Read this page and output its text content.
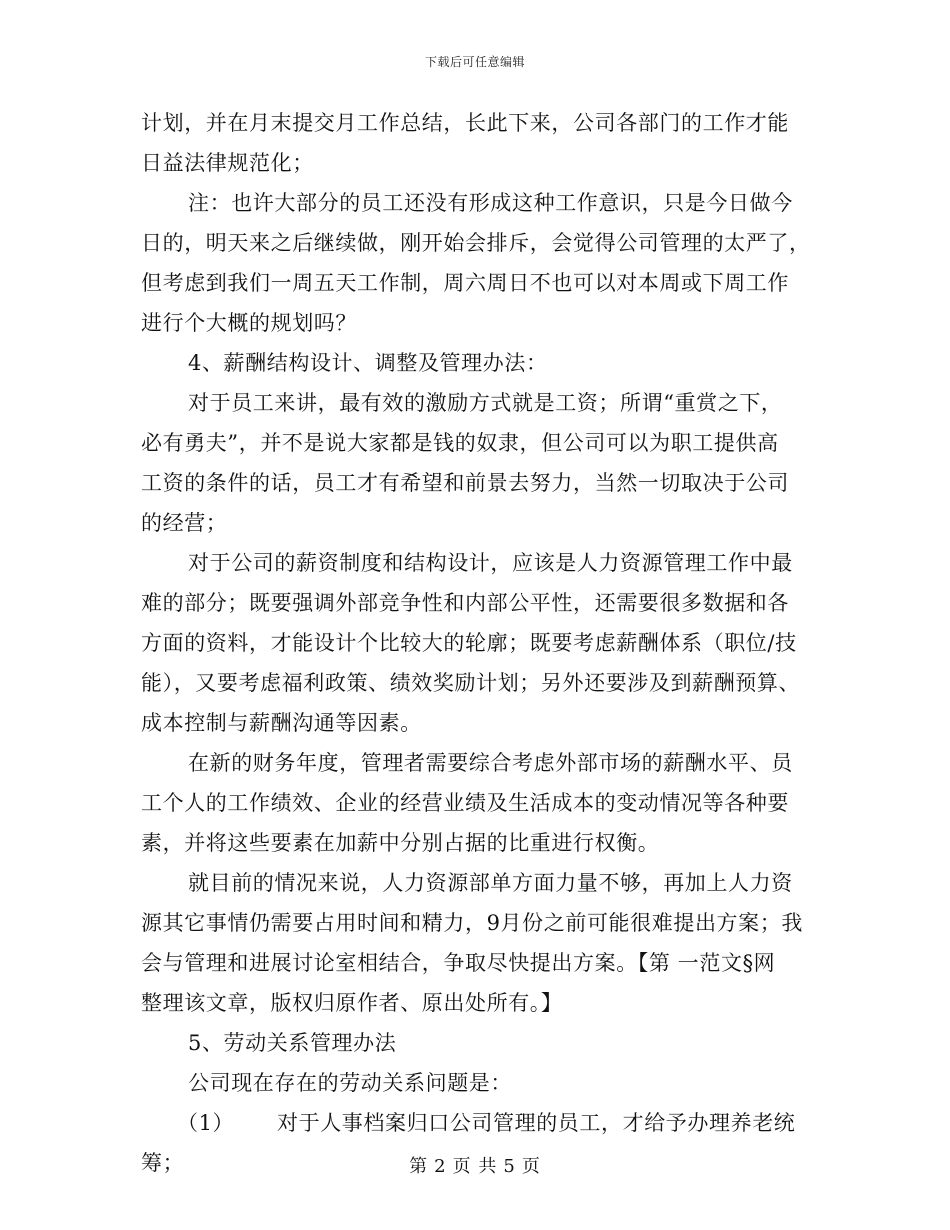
下载后可任意编辑
计划，并在月末提交月工作总结，长此下来，公司各部门的工作才能
日益法律规范化；
注：也许大部分的员工还没有形成这种工作意识，只是今日做今
日的，明天来之后继续做，刚开始会排斥，会觉得公司管理的太严了，
但考虑到我们一周五天工作制，周六周日不也可以对本周或下周工作
进行个大概的规划吗？
4、薪酬结构设计、调整及管理办法：
对于员工来讲，最有效的激励方式就是工资；所谓“重赏之下，
必有勇夫”，并不是说大家都是钱的奴隶，但公司可以为职工提供高
工资的条件的话，员工才有希望和前景去努力，当然一切取决于公司
的经营；
对于公司的薪资制度和结构设计，应该是人力资源管理工作中最
难的部分；既要强调外部竞争性和内部公平性，还需要很多数据和各
方面的资料，才能设计个比较大的轮廓；既要考虑薪酬体系（职位/技
能），又要考虑福利政策、绩效奖励计划；另外还要涉及到薪酬预算、
成本控制与薪酬沟通等因素。
在新的财务年度，管理者需要综合考虑外部市场的薪酬水平、员
工个人的工作绩效、企业的经营业绩及生活成本的变动情况等各种要
素，并将这些要素在加薪中分别占据的比重进行权衡。
就目前的情况来说，人力资源部单方面力量不够，再加上人力资
源其它事情仍需要占用时间和精力，9月份之前可能很难提出方案；我
会与管理和进展讨论室相结合，争取尽快提出方案。【第 一范文§网
整理该文章，版权归原作者、原出处所有。】
5、劳动关系管理办法
公司现在存在的劳动关系问题是：
（1） 对于人事档案归口公司管理的员工，才给予办理养老统
筹；	第 2 页 共 5 页
